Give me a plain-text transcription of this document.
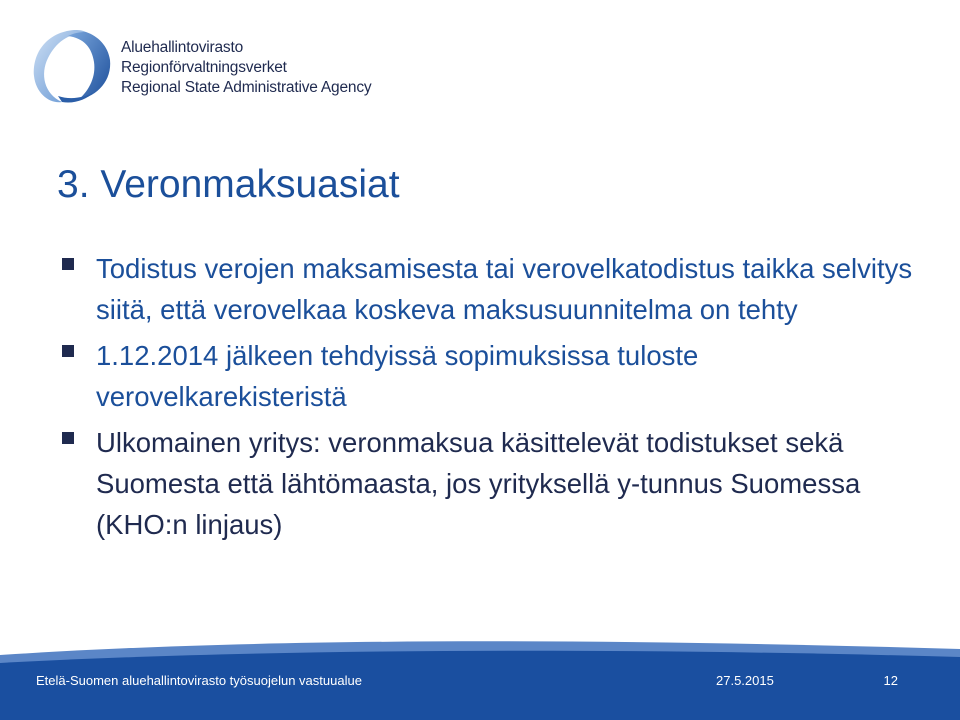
Aluehallintovirasto
Regionförvaltningsverket
Regional State Administrative Agency
3. Veronmaksuasiat
Todistus verojen maksamisesta tai verovelkatodistus taikka selvitys siitä, että verovelkaa koskeva maksusuunnitelma on tehty
1.12.2014 jälkeen tehdyissä sopimuksissa tuloste verovelkarekisteristä
Ulkomainen yritys: veronmaksua käsittelevät todistukset sekä Suomesta että lähtömaasta, jos yrityksellä y-tunnus Suomessa (KHO:n linjaus)
Etelä-Suomen aluehallintovirasto työsuojelun vastuualue	27.5.2015	12
